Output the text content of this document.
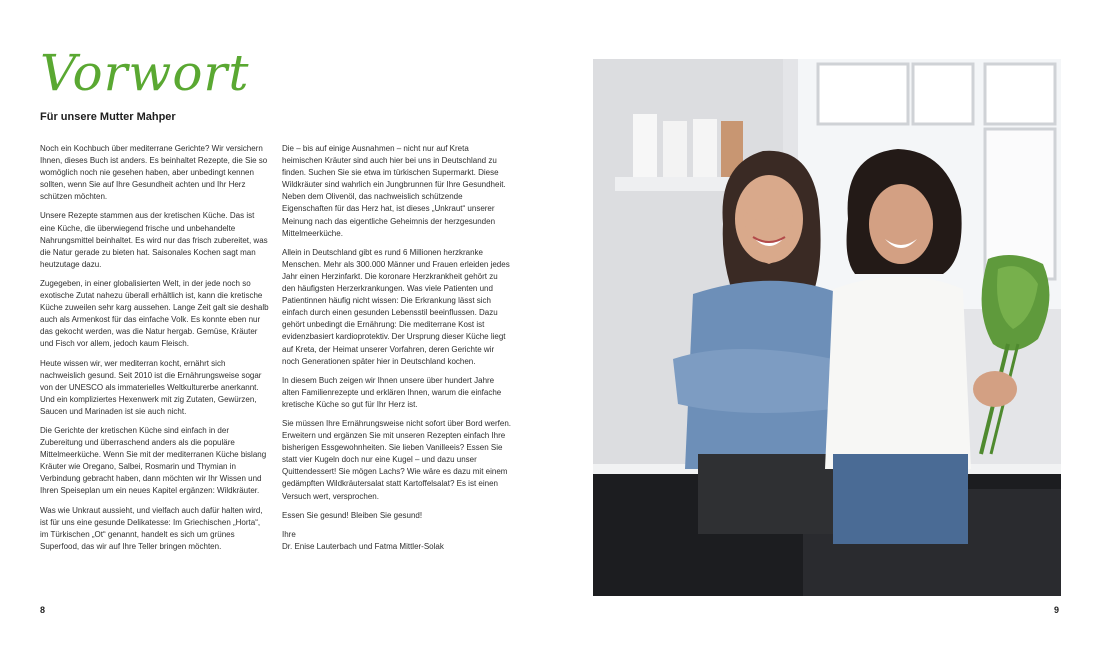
Vorwort
Für unsere Mutter Mahper

Noch ein Kochbuch über mediterrane Gerichte? Wir versichern Ihnen, dieses Buch ist anders. Es beinhaltet Rezepte, die Sie so womöglich noch nie gesehen haben, aber unbedingt kennen sollten, wenn Sie auf Ihre Gesundheit achten und Ihr Herz schützen möchten.

Unsere Rezepte stammen aus der kretischen Küche. Das ist eine Küche, die überwiegend frische und unbehandelte Nahrungsmittel beinhaltet. Es wird nur das frisch zubereitet, was die Natur gerade zu bieten hat. Saisonales Kochen sagt man heutzutage dazu.

Zugegeben, in einer globalisierten Welt, in der jede noch so exotische Zutat nahezu überall erhältlich ist, kann die kretische Küche zuweilen sehr karg aussehen. Lange Zeit galt sie deshalb auch als Armenkost für das einfache Volk. Es konnte eben nur das gekocht werden, was die Natur hergab. Gemüse, Kräuter und Fisch vor allem, jedoch kaum Fleisch.

Heute wissen wir, wer mediterran kocht, ernährt sich nachweislich gesund. Seit 2010 ist die Ernährungsweise sogar von der UNESCO als immaterielles Weltkulturerbe anerkannt. Und ein kompliziertes Hexenwerk mit zig Zutaten, Gewürzen, Saucen und Marinaden ist sie auch nicht.

Die Gerichte der kretischen Küche sind einfach in der Zubereitung und überraschend anders als die populäre Mittelmeerküche. Wenn Sie mit der mediterranen Küche bislang Kräuter wie Oregano, Salbei, Rosmarin und Thymian in Verbindung gebracht haben, dann möchten wir Ihr Wissen und Ihren Speiseplan um ein neues Kapitel ergänzen: Wildkräuter.

Was wie Unkraut aussieht, und vielfach auch dafür halten wird, ist für uns eine gesunde Delikatesse: Im Griechischen „Horta“, im Türkischen „Ot“ genannt, handelt es sich um grünes Superfood, das wir auf Ihre Teller bringen möchten.

Die – bis auf einige Ausnahmen – nicht nur auf Kreta heimischen Kräuter sind auch hier bei uns in Deutschland zu finden. Suchen Sie sie etwa im türkischen Supermarkt. Diese Wildkräuter sind wahrlich ein Jungbrunnen für Ihre Gesundheit. Neben dem Olivenöl, das nachweislich schützende Eigenschaften für das Herz hat, ist dieses „Unkraut“ unserer Meinung nach das eigentliche Geheimnis der herzgesunden Mittelmeerküche.

Allein in Deutschland gibt es rund 6 Millionen herzkranke Menschen. Mehr als 300.000 Männer und Frauen erleiden jedes Jahr einen Herzinfarkt. Die koronare Herzkrankheit gehört zu den häufigsten Herzerkrankungen. Was viele Patienten und Patientinnen häufig nicht wissen: Die Erkrankung lässt sich einfach durch einen gesunden Lebensstil beeinflussen. Dazu gehört unbedingt die Ernährung: Die mediterrane Kost ist evidenzbasiert kardioprotektiv. Der Ursprung dieser Küche liegt auf Kreta, der Heimat unserer Vorfahren, deren Gerichte wir noch Generationen später hier in Deutschland kochen.

In diesem Buch zeigen wir Ihnen unsere über hundert Jahre alten Familienrezepte und erklären Ihnen, warum die einfache kretische Küche so gut für Ihr Herz ist.

Sie müssen Ihre Ernährungsweise nicht sofort über Bord werfen. Erweitern und ergänzen Sie mit unseren Rezepten einfach Ihre bisherigen Essgewohnheiten. Sie lieben Vanilleeis? Essen Sie statt vier Kugeln doch nur eine Kugel – und dazu unser Quittendessert! Sie mögen Lachs? Wie wäre es dazu mit einem gedämpften Wildkräutersalat statt Kartoffelsalat? Es ist einen Versuch wert, versprochen.

Essen Sie gesund! Bleiben Sie gesund!

Ihre

Dr. Enise Lauterbach und Fatma Mittler-Solak

8	9
